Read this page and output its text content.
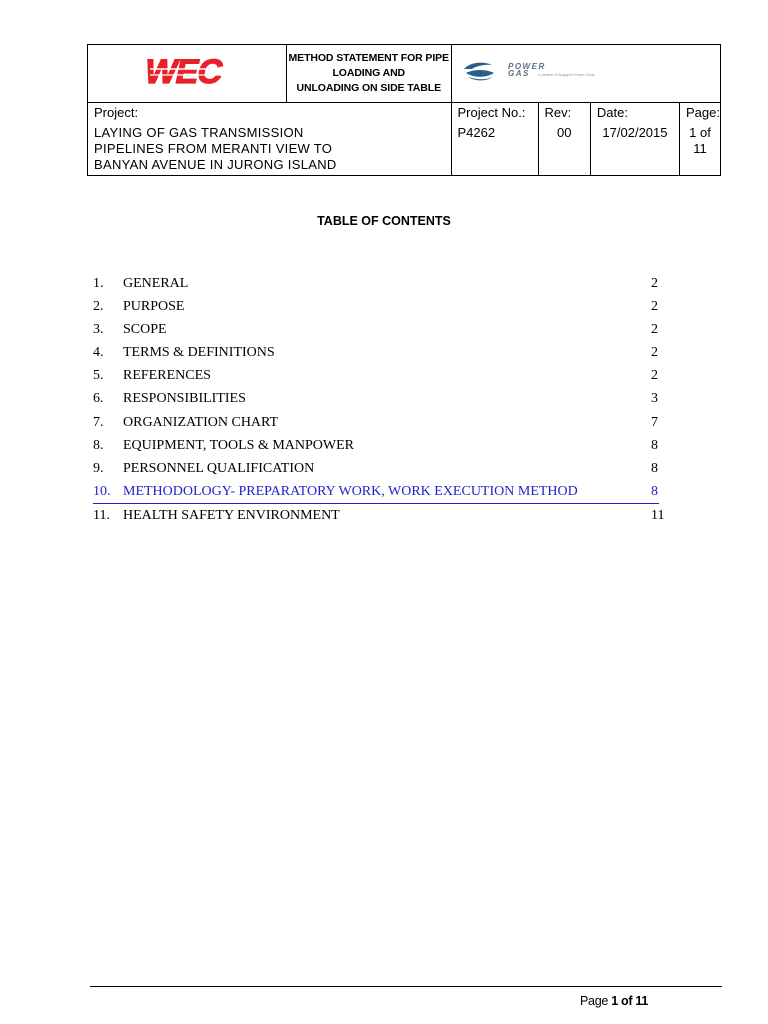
WEC	METHOD STATEMENT FOR PIPE LOADING AND
UNLOADING ON SIDE TABLE

POWER
GAS A member of Singapore Power Group

Project:
LAYING OF GAS TRANSMISSION
PIPELINES FROM MERANTI VIEW TO
BANYAN AVENUE IN JURONG ISLAND

Project No.:
P4262	
Rev:
00

Date:
17/02/2015

Page:
1 of 11
TABLE OF CONTENTS
1. GENERAL	2
2. PURPOSE	2
3. SCOPE	2
4. TERMS & DEFINITIONS	2
5. REFERENCES	2
6. RESPONSIBILITIES	3
7. ORGANIZATION CHART	7
8. EQUIPMENT, TOOLS & MANPOWER	8
9. PERSONNEL QUALIFICATION	8
10. METHODOLOGY- PREPARATORY WORK, WORK EXECUTION METHOD	8
11. HEALTH SAFETY ENVIRONMENT	11
Page 1 of 11
